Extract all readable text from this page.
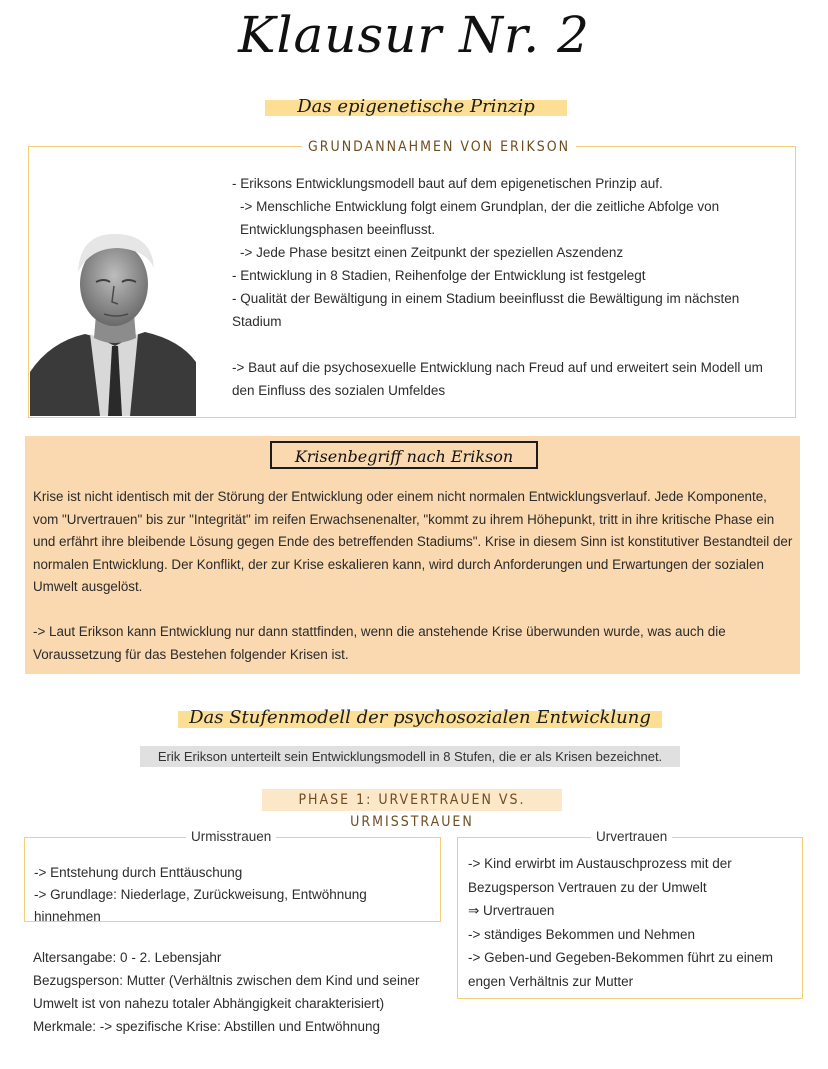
Klausur Nr. 2
Das epigenetische Prinzip
GRUNDANNAHMEN VON ERIKSON

- Eriksons Entwicklungsmodell baut auf dem epigenetischen Prinzip auf.

-> Menschliche Entwicklung folgt einem Grundplan, der die zeitliche Abfolge von Entwicklungsphasen beeinflusst.

-> Jede Phase besitzt einen Zeitpunkt der speziellen Aszendenz

- Entwicklung in 8 Stadien, Reihenfolge der Entwicklung ist festgelegt

- Qualität der Bewältigung in einem Stadium beeinflusst die Bewältigung im nächsten Stadium

-> Baut auf die psychosexuelle Entwicklung nach Freud auf und erweitert sein Modell um den Einfluss des sozialen Umfeldes

Krisenbegriff nach Erikson

Krise ist nicht identisch mit der Störung der Entwicklung oder einem nicht normalen Entwicklungsverlauf. Jede Komponente, vom "Urvertrauen" bis zur "Integrität" im reifen Erwachsenenalter, "kommt zu ihrem Höhepunkt, tritt in ihre kritische Phase ein und erfährt ihre bleibende Lösung gegen Ende des betreffenden Stadiums". Krise in diesem Sinn ist konstitutiver Bestandteil der normalen Entwicklung. Der Konflikt, der zur Krise eskalieren kann, wird durch Anforderungen und Erwartungen der sozialen Umwelt ausgelöst.

-> Laut Erikson kann Entwicklung nur dann stattfinden, wenn die anstehende Krise überwunden wurde, was auch die Voraussetzung für das Bestehen folgender Krisen ist.

Das Stufenmodell der psychosozialen Entwicklung
Erik Erikson unterteilt sein Entwicklungsmodell in 8 Stufen, die er als Krisen bezeichnet.
PHASE 1: URVERTRAUEN VS. URMISSTRAUEN
Urmisstrauen

-> Entstehung durch Enttäuschung

-> Grundlage: Niederlage, Zurückweisung, Entwöhnung hinnehmen

Urvertrauen

-> Kind erwirbt im Austauschprozess mit der Bezugsperson Vertrauen zu der Umwelt

⇒ Urvertrauen

-> ständiges Bekommen und Nehmen

-> Geben-und Gegeben-Bekommen führt zu einem engen Verhältnis zur Mutter

Altersangabe: 0 - 2. Lebensjahr

Bezugsperson: Mutter (Verhältnis zwischen dem Kind und seiner Umwelt ist von nahezu totaler Abhängigkeit charakterisiert)

Merkmale: -> spezifische Krise: Abstillen und Entwöhnung
